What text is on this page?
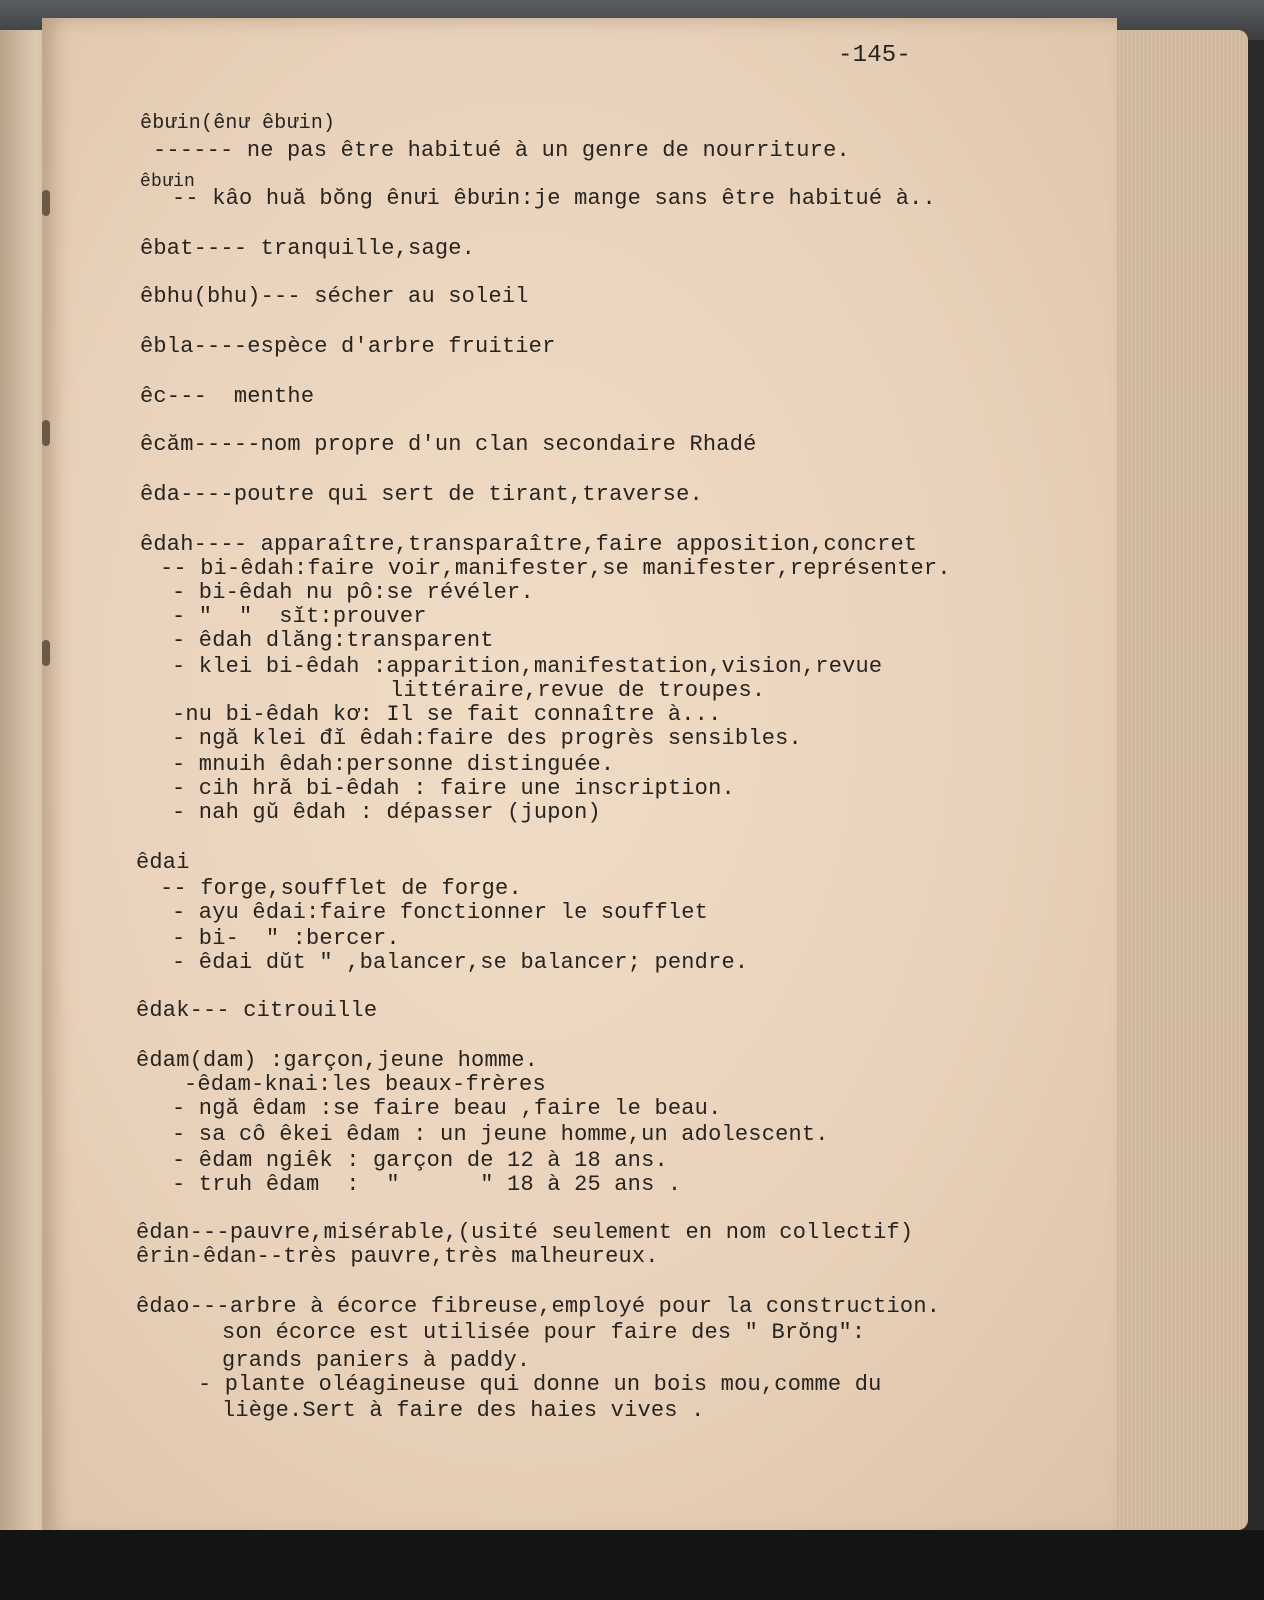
-145-
êbưin(ênư êbưin)
------ ne pas être habitué à un genre de nourriture.
êbưin
-- kâo huă bŏng ênưi êbưin:je mange sans être habitué à..
êbat---- tranquille,sage.
êbhu(bhu)--- sécher au soleil
êbla----espèce d'arbre fruitier
êc---  menthe
êcăm-----nom propre d'un clan secondaire Rhadé
êda----poutre qui sert de tirant,traverse.
êdah---- apparaître,transparaître,faire apposition,concret
-- bi-êdah:faire voir,manifester,se manifester,représenter.
- bi-êdah nu pô:se révéler.
- "  "  sĭt:prouver
- êdah dlăng:transparent
- klei bi-êdah :apparition,manifestation,vision,revue
littéraire,revue de troupes.
-nu bi-êdah kơ: Il se fait connaître à...
- ngă klei đĭ êdah:faire des progrès sensibles.
- mnuih êdah:personne distinguée.
- cih hră bi-êdah : faire une inscription.
- nah gŭ êdah : dépasser (jupon)
êdai
-- forge,soufflet de forge.
- ayu êdai:faire fonctionner le soufflet
- bi-  " :bercer.
- êdai dŭt " ,balancer,se balancer; pendre.
êdak--- citrouille
êdam(dam) :garçon,jeune homme.
-êdam-knai:les beaux-frères
- ngă êdam :se faire beau ,faire le beau.
- sa cô êkei êdam : un jeune homme,un adolescent.
- êdam ngiêk : garçon de 12 à 18 ans.
- truh êdam  :  "      " 18 à 25 ans .
êdan---pauvre,misérable,(usité seulement en nom collectif)
êrin-êdan--très pauvre,très malheureux.
êdao---arbre à écorce fibreuse,employé pour la construction.
son écorce est utilisée pour faire des " Brŏng":
grands paniers à paddy.
- plante oléagineuse qui donne un bois mou,comme du
liège.Sert à faire des haies vives .
